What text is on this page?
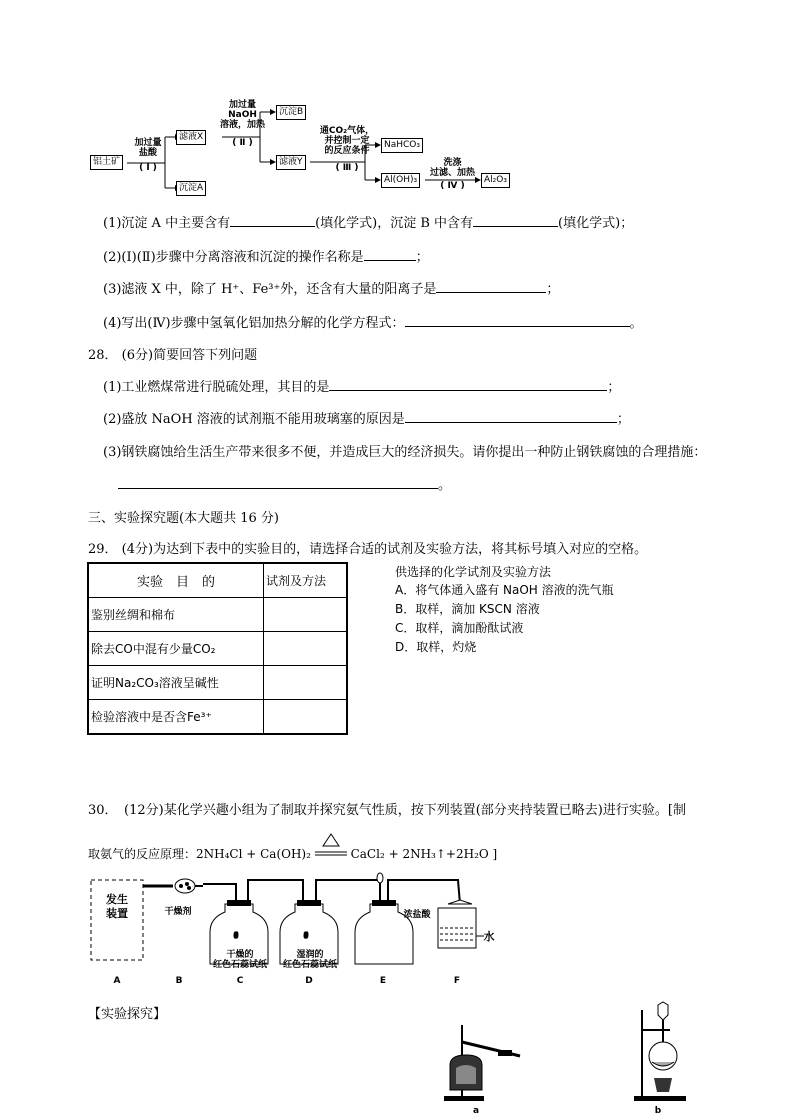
铝土矿
加过量
盐酸
( Ⅰ )
滤液X
沉淀A
加过量
NaOH
溶液，加热
( Ⅱ )
沉淀B
滤液Y
通CO₂气体，
并控制一定
的反应条件
( Ⅲ )
NaHCO₃
Al(OH)₃
洗涤
过滤、加热
( Ⅳ )
Al₂O₃
(1)沉淀 A 中主要含有	(填化学式)，沉淀 B 中含有	(填化学式)；
(2)(Ⅰ)(Ⅱ)步骤中分离溶液和沉淀的操作名称是	；
(3)滤液 X 中，除了 H⁺、Fe³⁺外，还含有大量的阳离子是	；
(4)写出(Ⅳ)步骤中氢氧化铝加热分解的化学方程式：	。
28． (6分)简要回答下列问题
(1)工业燃煤常进行脱硫处理，其目的是	；
(2)盛放 NaOH 溶液的试剂瓶不能用玻璃塞的原因是	；
(3)钢铁腐蚀给生活生产带来很多不便，并造成巨大的经济损失。请你提出一种防止钢铁腐蚀的合理措施：
。
三、实验探究题(本大题共 16 分)
29． (4分)为达到下表中的实验目的，请选择合适的试剂及实验方法，将其标号填入对应的空格。
实验　目　的	试剂及方法
鉴别丝绸和棉布	
除去CO中混有少量CO₂	
证明Na₂CO₃溶液呈碱性	
检验溶液中是否含Fe³⁺	
供选择的化学试剂及实验方法
A．将气体通入盛有 NaOH 溶液的洗气瓶
B．取样，滴加 KSCN 溶液
C．取样，滴加酚酞试液
D．取样，灼烧
30．　(12分)某化学兴趣小组为了制取并探究氨气性质，按下列装置(部分夹持装置已略去)进行实验。[制
取氨气的反应原理：2NH₄Cl + Ca(OH)₂	CaCl₂ + 2NH₃↑+2H₂O ]
发生
装置	干燥剂
干燥的
红色石蕊试纸
湿润的
红色石蕊试纸
浓盐酸
水
A	B	C	D	E	F
【实验探究】
a	b
